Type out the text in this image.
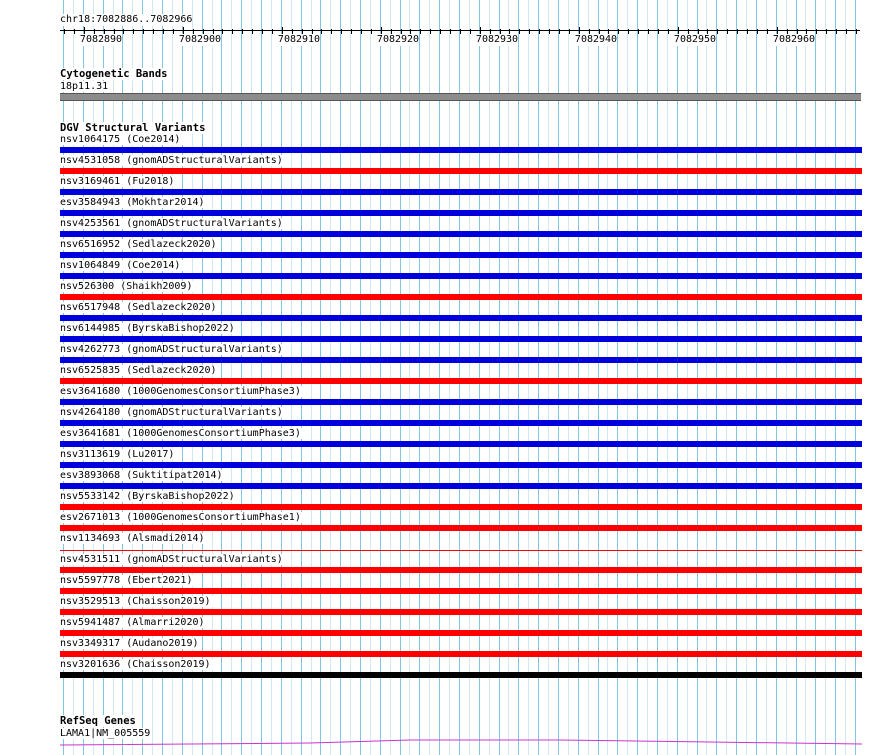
chr18:7082886..7082966
7082890	7082900	7082910	7082920	7082930	7082940	7082950	7082960
Cytogenetic Bands
18p11.31
DGV Structural Variants
nsv1064175 (Coe2014)
nsv4531058 (gnomADStructuralVariants)
nsv3169461 (Fu2018)
esv3584943 (Mokhtar2014)
nsv4253561 (gnomADStructuralVariants)
nsv6516952 (Sedlazeck2020)
nsv1064849 (Coe2014)
nsv526300 (Shaikh2009)
nsv6517948 (Sedlazeck2020)
nsv6144985 (ByrskaBishop2022)
nsv4262773 (gnomADStructuralVariants)
nsv6525835 (Sedlazeck2020)
esv3641680 (1000GenomesConsortiumPhase3)
nsv4264180 (gnomADStructuralVariants)
esv3641681 (1000GenomesConsortiumPhase3)
nsv3113619 (Lu2017)
esv3893068 (Suktitipat2014)
nsv5533142 (ByrskaBishop2022)
esv2671013 (1000GenomesConsortiumPhase1)
nsv1134693 (Alsmadi2014)
nsv4531511 (gnomADStructuralVariants)
nsv5597778 (Ebert2021)
nsv3529513 (Chaisson2019)
nsv5941487 (Almarri2020)
nsv3349317 (Audano2019)
nsv3201636 (Chaisson2019)
RefSeq Genes
LAMA1|NM_005559
